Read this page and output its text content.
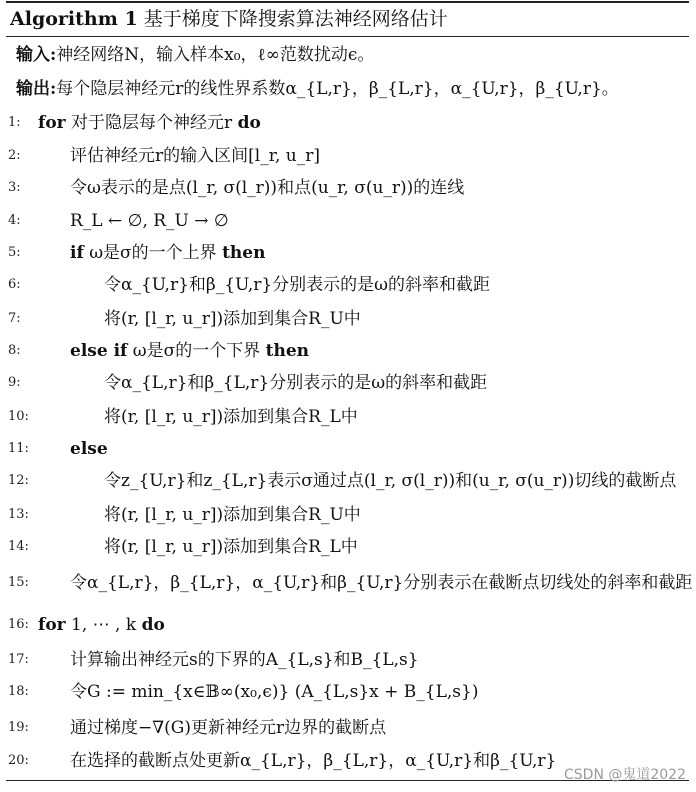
Algorithm 1 基于梯度下降搜索算法神经网络估计
输入:神经网络N，输入样本x₀，ℓ∞范数扰动ϵ。
输出:每个隐层神经元r的线性界系数α_{L,r}，β_{L,r}，α_{U,r}，β_{U,r}。
1:	for 对于隐层每个神经元r do
2:	评估神经元r的输入区间[l_r, u_r]
3:	令ω表示的是点(l_r, σ(l_r))和点(u_r, σ(u_r))的连线
4:	R_L ← ∅, R_U → ∅
5:	if ω是σ的一个上界 then
6:	令α_{U,r}和β_{U,r}分别表示的是ω的斜率和截距
7:	将(r, [l_r, u_r])添加到集合R_U中
8:	else if ω是σ的一个下界 then
9:	令α_{L,r}和β_{L,r}分别表示的是ω的斜率和截距
10:	将(r, [l_r, u_r])添加到集合R_L中
11: else
12:	令z_{U,r}和z_{L,r}表示σ通过点(l_r, σ(l_r))和(u_r, σ(u_r))切线的截断点
13:	将(r, [l_r, u_r])添加到集合R_U中
14:	将(r, [l_r, u_r])添加到集合R_L中
15: 令α_{L,r}，β_{L,r}，α_{U,r}和β_{U,r}分别表示在截断点切线处的斜率和截距
16: for 1, ⋯ , k do
17: 计算输出神经元s的下界的A_{L,s}和B_{L,s}
18: 令G := min_{x∈𝔹∞(x₀,ϵ)} (A_{L,s}x + B_{L,s})
19: 通过梯度−∇(G)更新神经元r边界的截断点
20: 在选择的截断点处更新α_{L,r}，β_{L,r}，α_{U,r}和β_{U,r}
CSDN @鬼道2022
